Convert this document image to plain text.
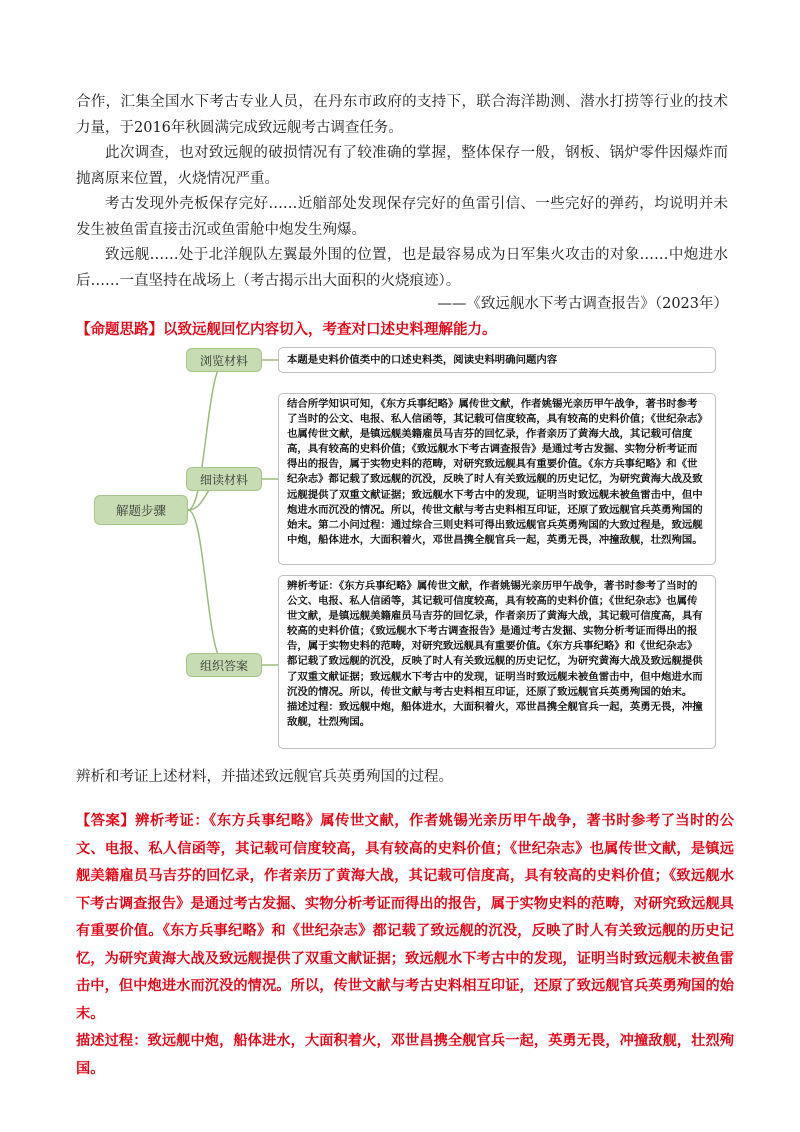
合作，汇集全国水下考古专业人员，在丹东市政府的支持下，联合海洋勘测、潜水打捞等行业的技术力量，于2016年秋圆满完成致远舰考古调查任务。

此次调查，也对致远舰的破损情况有了较准确的掌握，整体保存一般，钢板、锅炉零件因爆炸而抛离原来位置，火烧情况严重。

考古发现外壳板保存完好……近艏部处发现保存完好的鱼雷引信、一些完好的弹药，均说明并未发生被鱼雷直接击沉或鱼雷舱中炮发生殉爆。

致远舰……处于北洋舰队左翼最外围的位置，也是最容易成为日军集火攻击的对象……中炮进水后……一直坚持在战场上（考古揭示出大面积的火烧痕迹）。

——《致远舰水下考古调查报告》（2023年）
【命题思路】以致远舰回忆内容切入，考查对口述史料理解能力。
解题步骤
浏览材料
细读材料
组织答案

本题是史料价值类中的口述史料类，阅读史料明确问题内容

结合所学知识可知，《东方兵事纪略》属传世文献，作者姚锡光亲历甲午战争，著书时参考了当时的公文、电报、私人信函等，其记载可信度较高，具有较高的史料价值；《世纪杂志》也属传世文献，是镇远舰美籍雇员马吉芬的回忆录，作者亲历了黄海大战，其记载可信度高，具有较高的史料价值；《致远舰水下考古调查报告》是通过考古发掘、实物分析考证而得出的报告，属于实物史料的范畴，对研究致远舰具有重要价值。《东方兵事纪略》和《世纪杂志》都记载了致远舰的沉没，反映了时人有关致远舰的历史记忆，为研究黄海大战及致远舰提供了双重文献证据；致远舰水下考古中的发现，证明当时致远舰未被鱼雷击中，但中炮进水而沉没的情况。所以，传世文献与考古史料相互印证，还原了致远舰官兵英勇殉国的始末。第二小问过程：通过综合三则史料可得出致远舰官兵英勇殉国的大致过程是，致远舰中炮，船体进水，大面积着火，邓世昌携全舰官兵一起，英勇无畏，冲撞敌舰，壮烈殉国。

辨析考证：《东方兵事纪略》属传世文献，作者姚锡光亲历甲午战争，著书时参考了当时的公文、电报、私人信函等，其记载可信度较高，具有较高的史料价值；《世纪杂志》也属传世文献，是镇远舰美籍雇员马吉芬的回忆录，作者亲历了黄海大战，其记载可信度高，具有较高的史料价值；《致远舰水下考古调查报告》是通过考古发掘、实物分析考证而得出的报告，属于实物史料的范畴，对研究致远舰具有重要价值。《东方兵事纪略》和《世纪杂志》都记载了致远舰的沉没，反映了时人有关致远舰的历史记忆，为研究黄海大战及致远舰提供了双重文献证据；致远舰水下考古中的发现，证明当时致远舰未被鱼雷击中，但中炮进水而沉没的情况。所以，传世文献与考古史料相互印证，还原了致远舰官兵英勇殉国的始末。

描述过程：致远舰中炮，船体进水，大面积着火，邓世昌携全舰官兵一起，英勇无畏，冲撞敌舰，壮烈殉国。

辨析和考证上述材料，并描述致远舰官兵英勇殉国的过程。

【答案】辨析考证：《东方兵事纪略》属传世文献，作者姚锡光亲历甲午战争，著书时参考了当时的公文、电报、私人信函等，其记载可信度较高，具有较高的史料价值；《世纪杂志》也属传世文献，是镇远舰美籍雇员马吉芬的回忆录，作者亲历了黄海大战，其记载可信度高，具有较高的史料价值；《致远舰水下考古调查报告》是通过考古发掘、实物分析考证而得出的报告，属于实物史料的范畴，对研究致远舰具有重要价值。《东方兵事纪略》和《世纪杂志》都记载了致远舰的沉没，反映了时人有关致远舰的历史记忆，为研究黄海大战及致远舰提供了双重文献证据；致远舰水下考古中的发现，证明当时致远舰未被鱼雷击中，但中炮进水而沉没的情况。所以，传世文献与考古史料相互印证，还原了致远舰官兵英勇殉国的始末。

描述过程：致远舰中炮，船体进水，大面积着火，邓世昌携全舰官兵一起，英勇无畏，冲撞敌舰，壮烈殉国。
